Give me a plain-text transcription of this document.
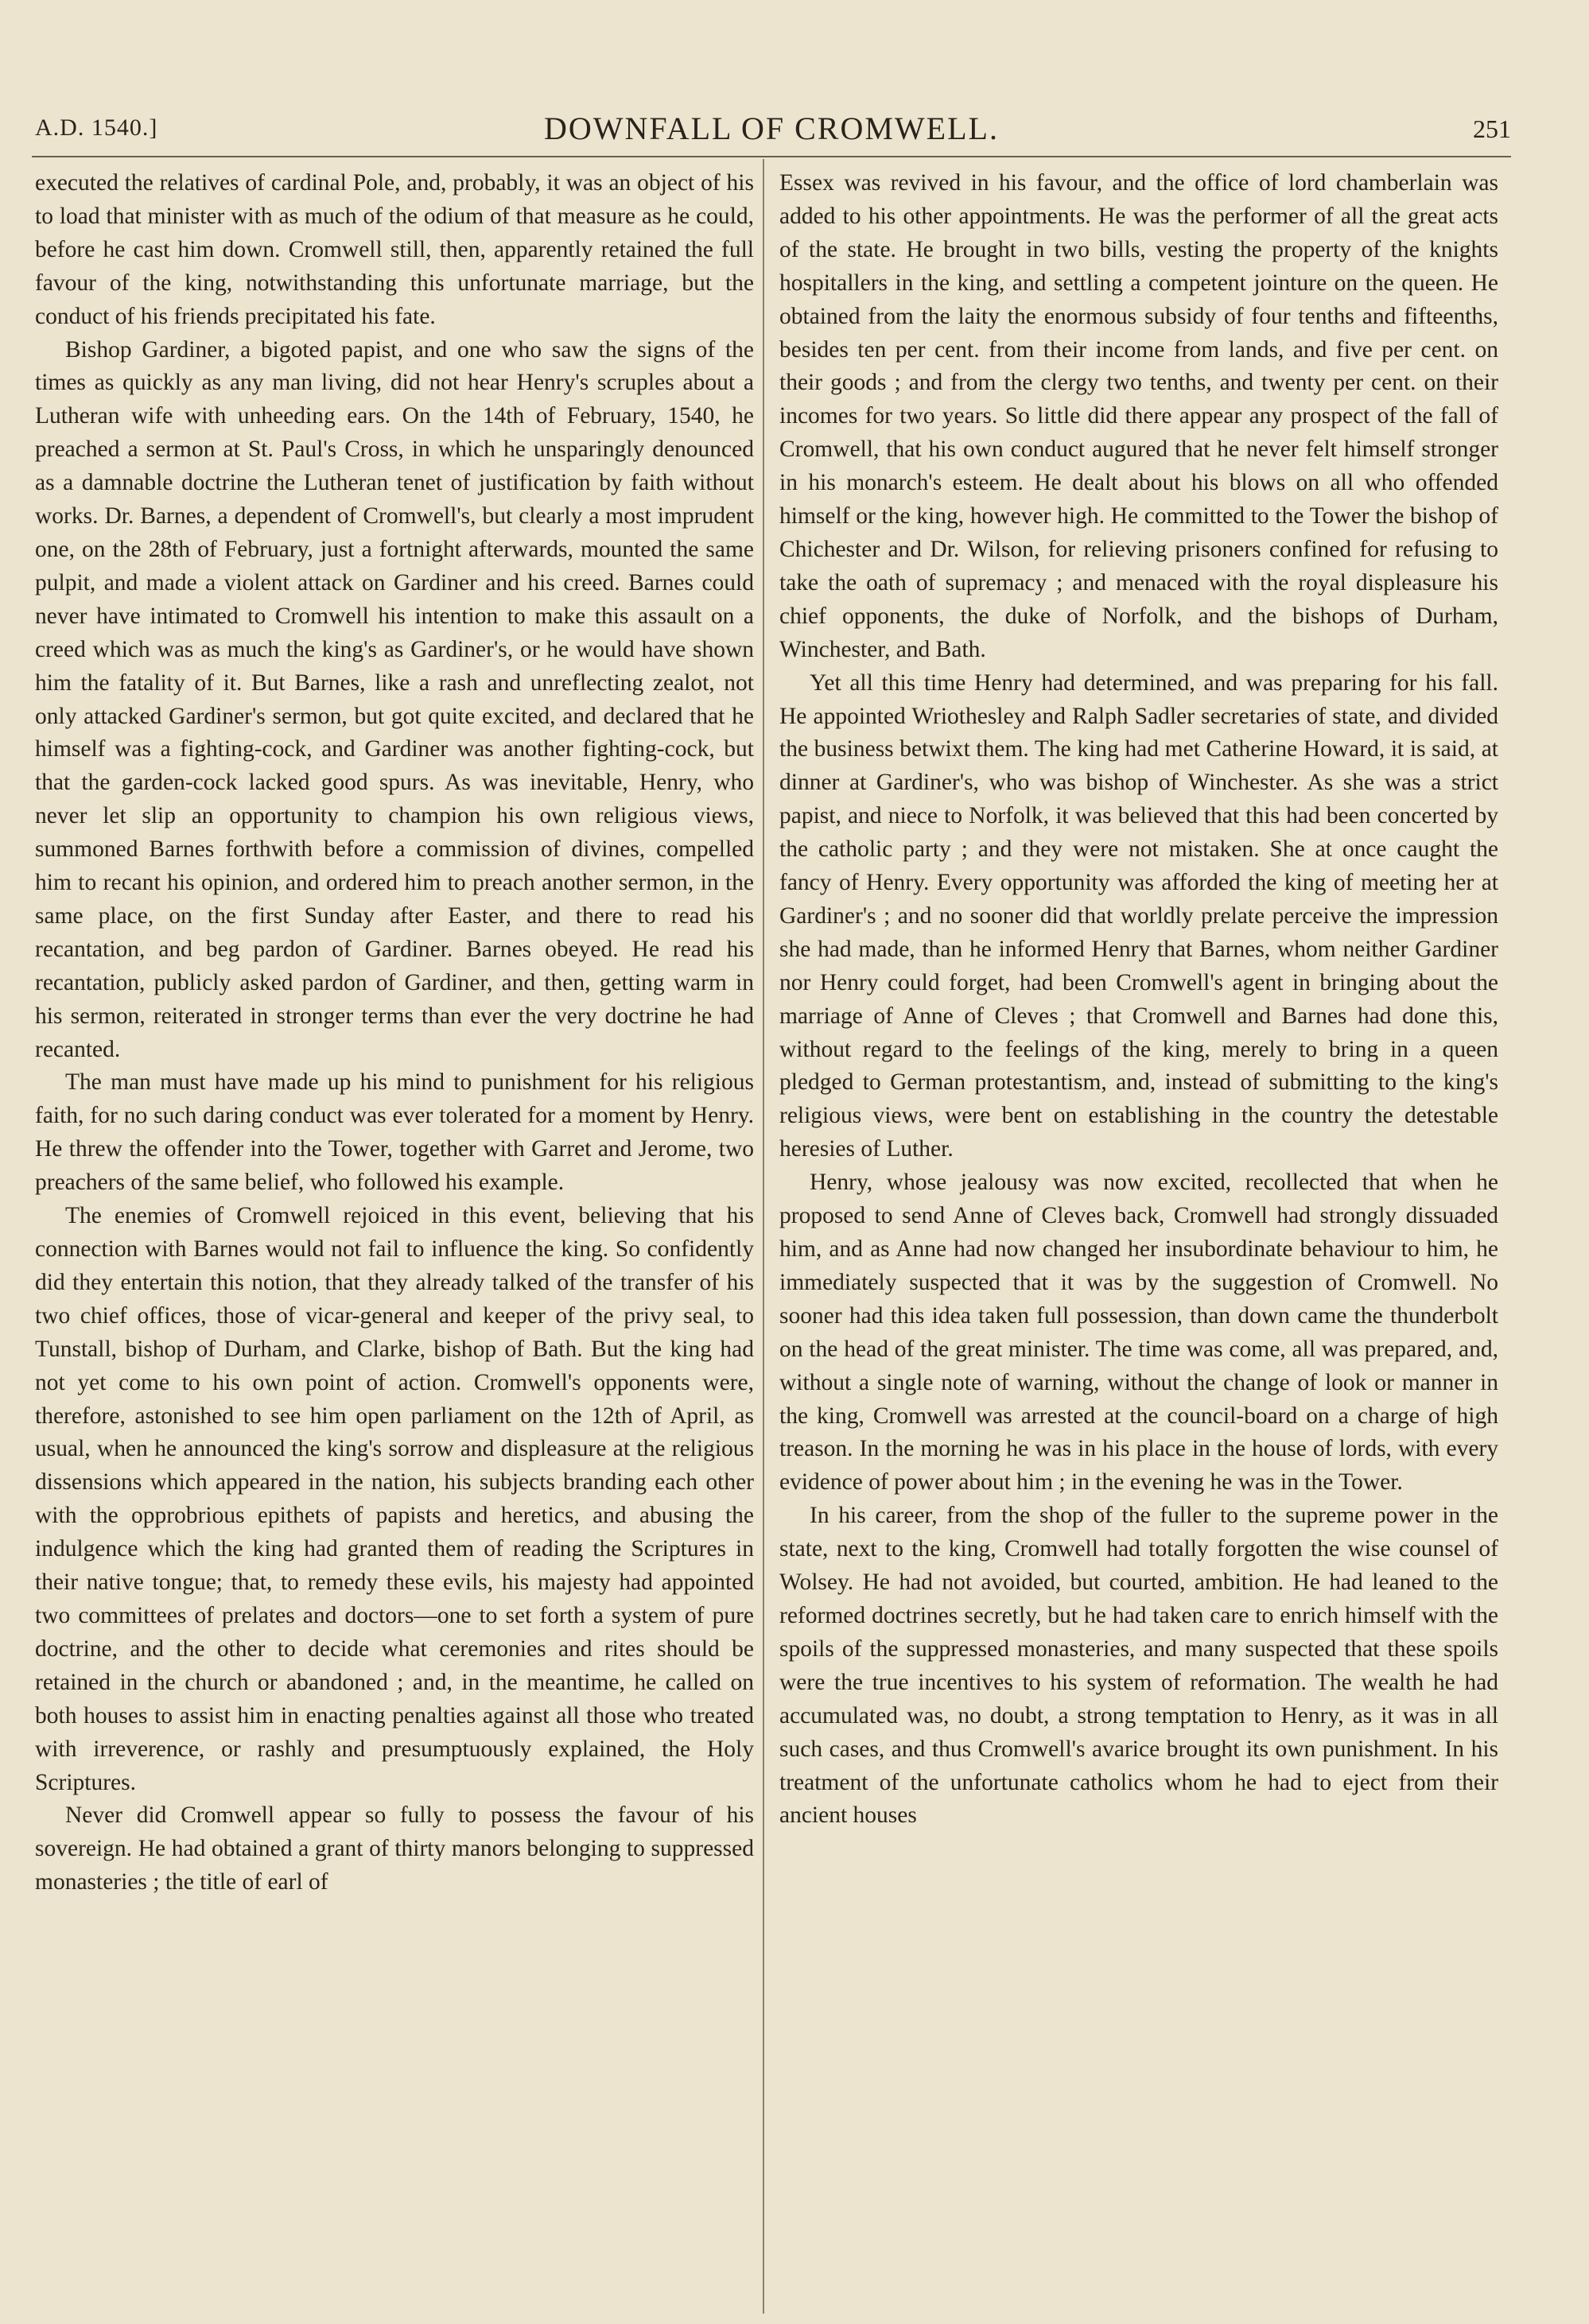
A.D. 1540.]	DOWNFALL OF CROMWELL.	251

executed the relatives of cardinal Pole, and, probably, it was an object of his to load that minister with as much of the odium of that measure as he could, before he cast him down. Cromwell still, then, apparently retained the full favour of the king, notwithstanding this unfortunate marriage, but the conduct of his friends precipitated his fate.

Bishop Gardiner, a bigoted papist, and one who saw the signs of the times as quickly as any man living, did not hear Henry's scruples about a Lutheran wife with unheeding ears. On the 14th of February, 1540, he preached a sermon at St. Paul's Cross, in which he unsparingly denounced as a damnable doctrine the Lutheran tenet of justification by faith without works. Dr. Barnes, a dependent of Cromwell's, but clearly a most imprudent one, on the 28th of February, just a fortnight afterwards, mounted the same pulpit, and made a violent attack on Gardiner and his creed. Barnes could never have intimated to Cromwell his intention to make this assault on a creed which was as much the king's as Gardiner's, or he would have shown him the fatality of it. But Barnes, like a rash and unreflecting zealot, not only attacked Gardiner's sermon, but got quite excited, and declared that he himself was a fighting-cock, and Gardiner was another fighting-cock, but that the garden-cock lacked good spurs. As was inevitable, Henry, who never let slip an opportunity to champion his own religious views, summoned Barnes forthwith before a commission of divines, compelled him to recant his opinion, and ordered him to preach another sermon, in the same place, on the first Sunday after Easter, and there to read his recantation, and beg pardon of Gardiner. Barnes obeyed. He read his recantation, publicly asked pardon of Gardiner, and then, getting warm in his sermon, reiterated in stronger terms than ever the very doctrine he had recanted.

The man must have made up his mind to punishment for his religious faith, for no such daring conduct was ever tolerated for a moment by Henry. He threw the offender into the Tower, together with Garret and Jerome, two preachers of the same belief, who followed his example.

The enemies of Cromwell rejoiced in this event, believing that his connection with Barnes would not fail to influence the king. So confidently did they entertain this notion, that they already talked of the transfer of his two chief offices, those of vicar-general and keeper of the privy seal, to Tunstall, bishop of Durham, and Clarke, bishop of Bath. But the king had not yet come to his own point of action. Cromwell's opponents were, therefore, astonished to see him open parliament on the 12th of April, as usual, when he announced the king's sorrow and displeasure at the religious dissensions which appeared in the nation, his subjects branding each other with the opprobrious epithets of papists and heretics, and abusing the indulgence which the king had granted them of reading the Scriptures in their native tongue; that, to remedy these evils, his majesty had appointed two committees of prelates and doctors—one to set forth a system of pure doctrine, and the other to decide what ceremonies and rites should be retained in the church or abandoned ; and, in the meantime, he called on both houses to assist him in enacting penalties against all those who treated with irreverence, or rashly and presumptuously explained, the Holy Scriptures.

Never did Cromwell appear so fully to possess the favour of his sovereign. He had obtained a grant of thirty manors belonging to suppressed monasteries ; the title of earl of

Essex was revived in his favour, and the office of lord chamberlain was added to his other appointments. He was the performer of all the great acts of the state. He brought in two bills, vesting the property of the knights hospitallers in the king, and settling a competent jointure on the queen. He obtained from the laity the enormous subsidy of four tenths and fifteenths, besides ten per cent. from their income from lands, and five per cent. on their goods ; and from the clergy two tenths, and twenty per cent. on their incomes for two years. So little did there appear any prospect of the fall of Cromwell, that his own conduct augured that he never felt himself stronger in his monarch's esteem. He dealt about his blows on all who offended himself or the king, however high. He committed to the Tower the bishop of Chichester and Dr. Wilson, for relieving prisoners confined for refusing to take the oath of supremacy ; and menaced with the royal displeasure his chief opponents, the duke of Norfolk, and the bishops of Durham, Winchester, and Bath.

Yet all this time Henry had determined, and was preparing for his fall. He appointed Wriothesley and Ralph Sadler secretaries of state, and divided the business betwixt them. The king had met Catherine Howard, it is said, at dinner at Gardiner's, who was bishop of Winchester. As she was a strict papist, and niece to Norfolk, it was believed that this had been concerted by the catholic party ; and they were not mistaken. She at once caught the fancy of Henry. Every opportunity was afforded the king of meeting her at Gardiner's ; and no sooner did that worldly prelate perceive the impression she had made, than he informed Henry that Barnes, whom neither Gardiner nor Henry could forget, had been Cromwell's agent in bringing about the marriage of Anne of Cleves ; that Cromwell and Barnes had done this, without regard to the feelings of the king, merely to bring in a queen pledged to German protestantism, and, instead of submitting to the king's religious views, were bent on establishing in the country the detestable heresies of Luther.

Henry, whose jealousy was now excited, recollected that when he proposed to send Anne of Cleves back, Cromwell had strongly dissuaded him, and as Anne had now changed her insubordinate behaviour to him, he immediately suspected that it was by the suggestion of Cromwell. No sooner had this idea taken full possession, than down came the thunderbolt on the head of the great minister. The time was come, all was prepared, and, without a single note of warning, without the change of look or manner in the king, Cromwell was arrested at the council-board on a charge of high treason. In the morning he was in his place in the house of lords, with every evidence of power about him ; in the evening he was in the Tower.

In his career, from the shop of the fuller to the supreme power in the state, next to the king, Cromwell had totally forgotten the wise counsel of Wolsey. He had not avoided, but courted, ambition. He had leaned to the reformed doctrines secretly, but he had taken care to enrich himself with the spoils of the suppressed monasteries, and many suspected that these spoils were the true incentives to his system of reformation. The wealth he had accumulated was, no doubt, a strong temptation to Henry, as it was in all such cases, and thus Cromwell's avarice brought its own punishment. In his treatment of the unfortunate catholics whom he had to eject from their ancient houses
